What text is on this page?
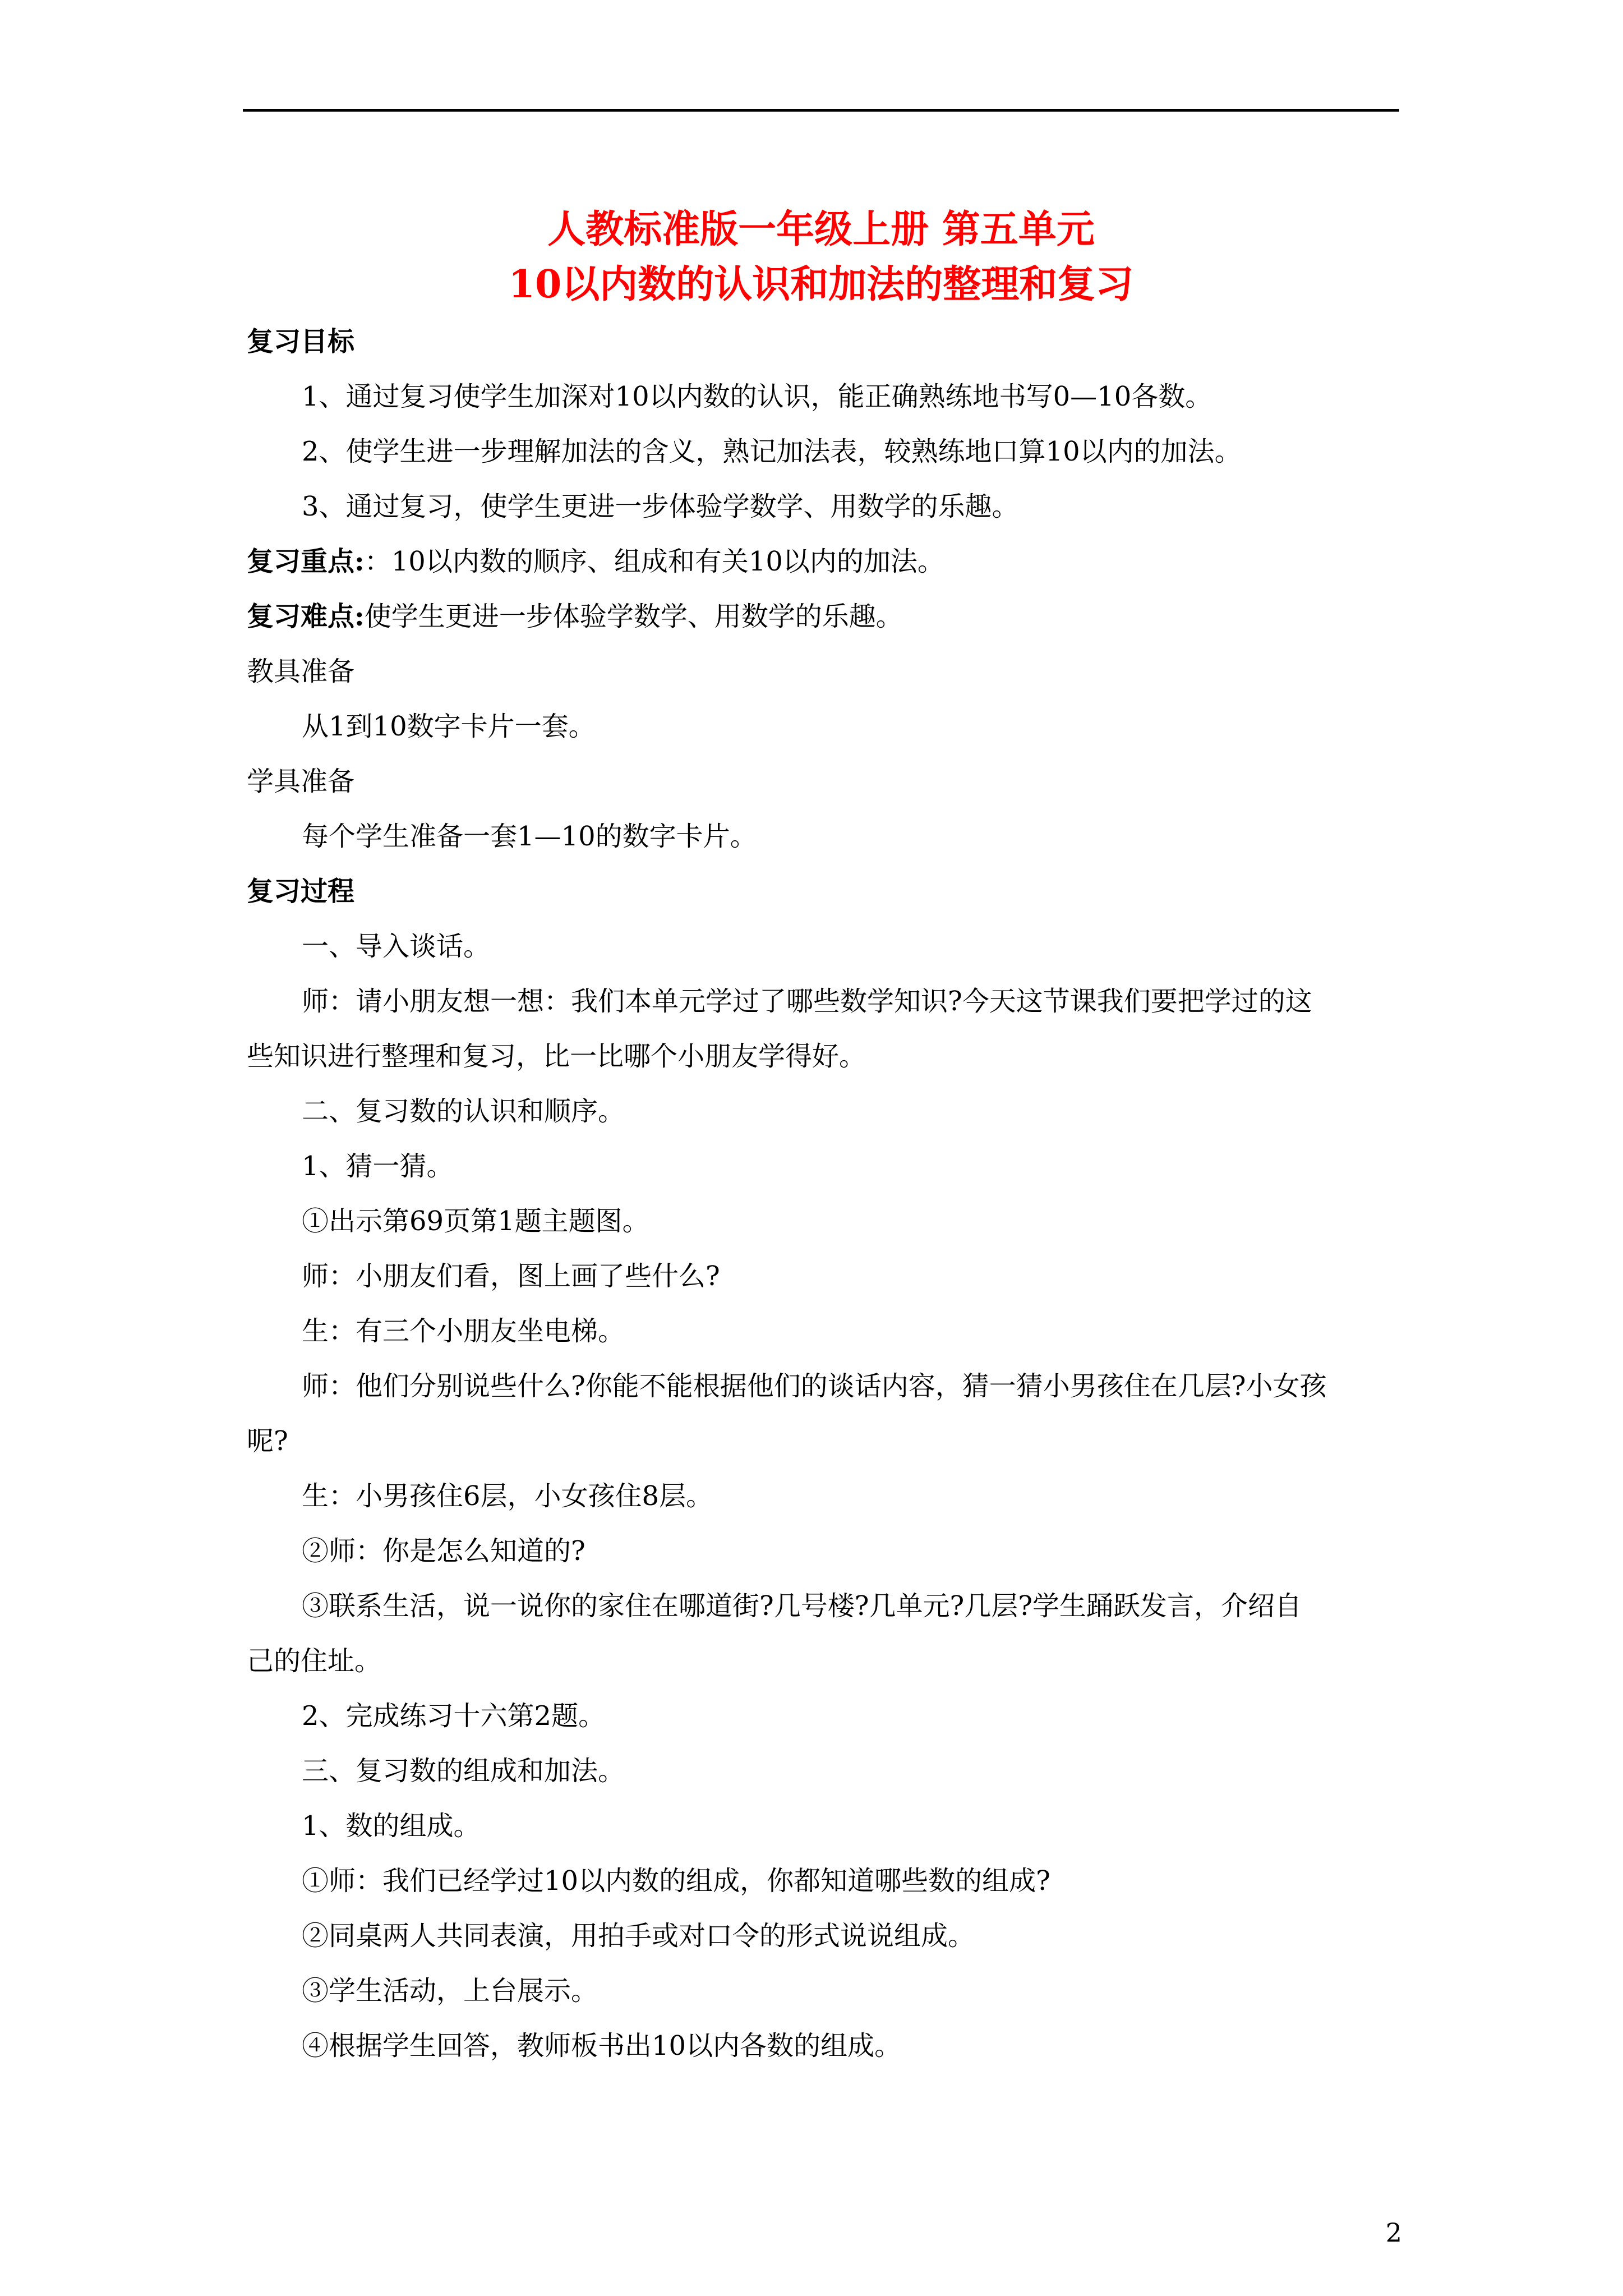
人教标准版一年级上册 第五单元
10以内数的认识和加法的整理和复习
复习目标
1、通过复习使学生加深对10以内数的认识，能正确熟练地书写0—10各数。
2、使学生进一步理解加法的含义，熟记加法表，较熟练地口算10以内的加法。
3、通过复习，使学生更进一步体验学数学、用数学的乐趣。
复习重点:：10以内数的顺序、组成和有关10以内的加法。
复习难点:使学生更进一步体验学数学、用数学的乐趣。
教具准备
从1到10数字卡片一套。
学具准备
每个学生准备一套1—10的数字卡片。
复习过程
一、导入谈话。
师：请小朋友想一想：我们本单元学过了哪些数学知识?今天这节课我们要把学过的这
些知识进行整理和复习，比一比哪个小朋友学得好。
二、复习数的认识和顺序。
1、猜一猜。
①出示第69页第1题主题图。
师：小朋友们看，图上画了些什么?
生：有三个小朋友坐电梯。
师：他们分别说些什么?你能不能根据他们的谈话内容，猜一猜小男孩住在几层?小女孩
呢?
生：小男孩住6层，小女孩住8层。
②师：你是怎么知道的?
③联系生活，说一说你的家住在哪道街?几号楼?几单元?几层?学生踊跃发言，介绍自
己的住址。
2、完成练习十六第2题。
三、复习数的组成和加法。
1、数的组成。
①师：我们已经学过10以内数的组成，你都知道哪些数的组成?
②同桌两人共同表演，用拍手或对口令的形式说说组成。
③学生活动，上台展示。
④根据学生回答，教师板书出10以内各数的组成。
2
